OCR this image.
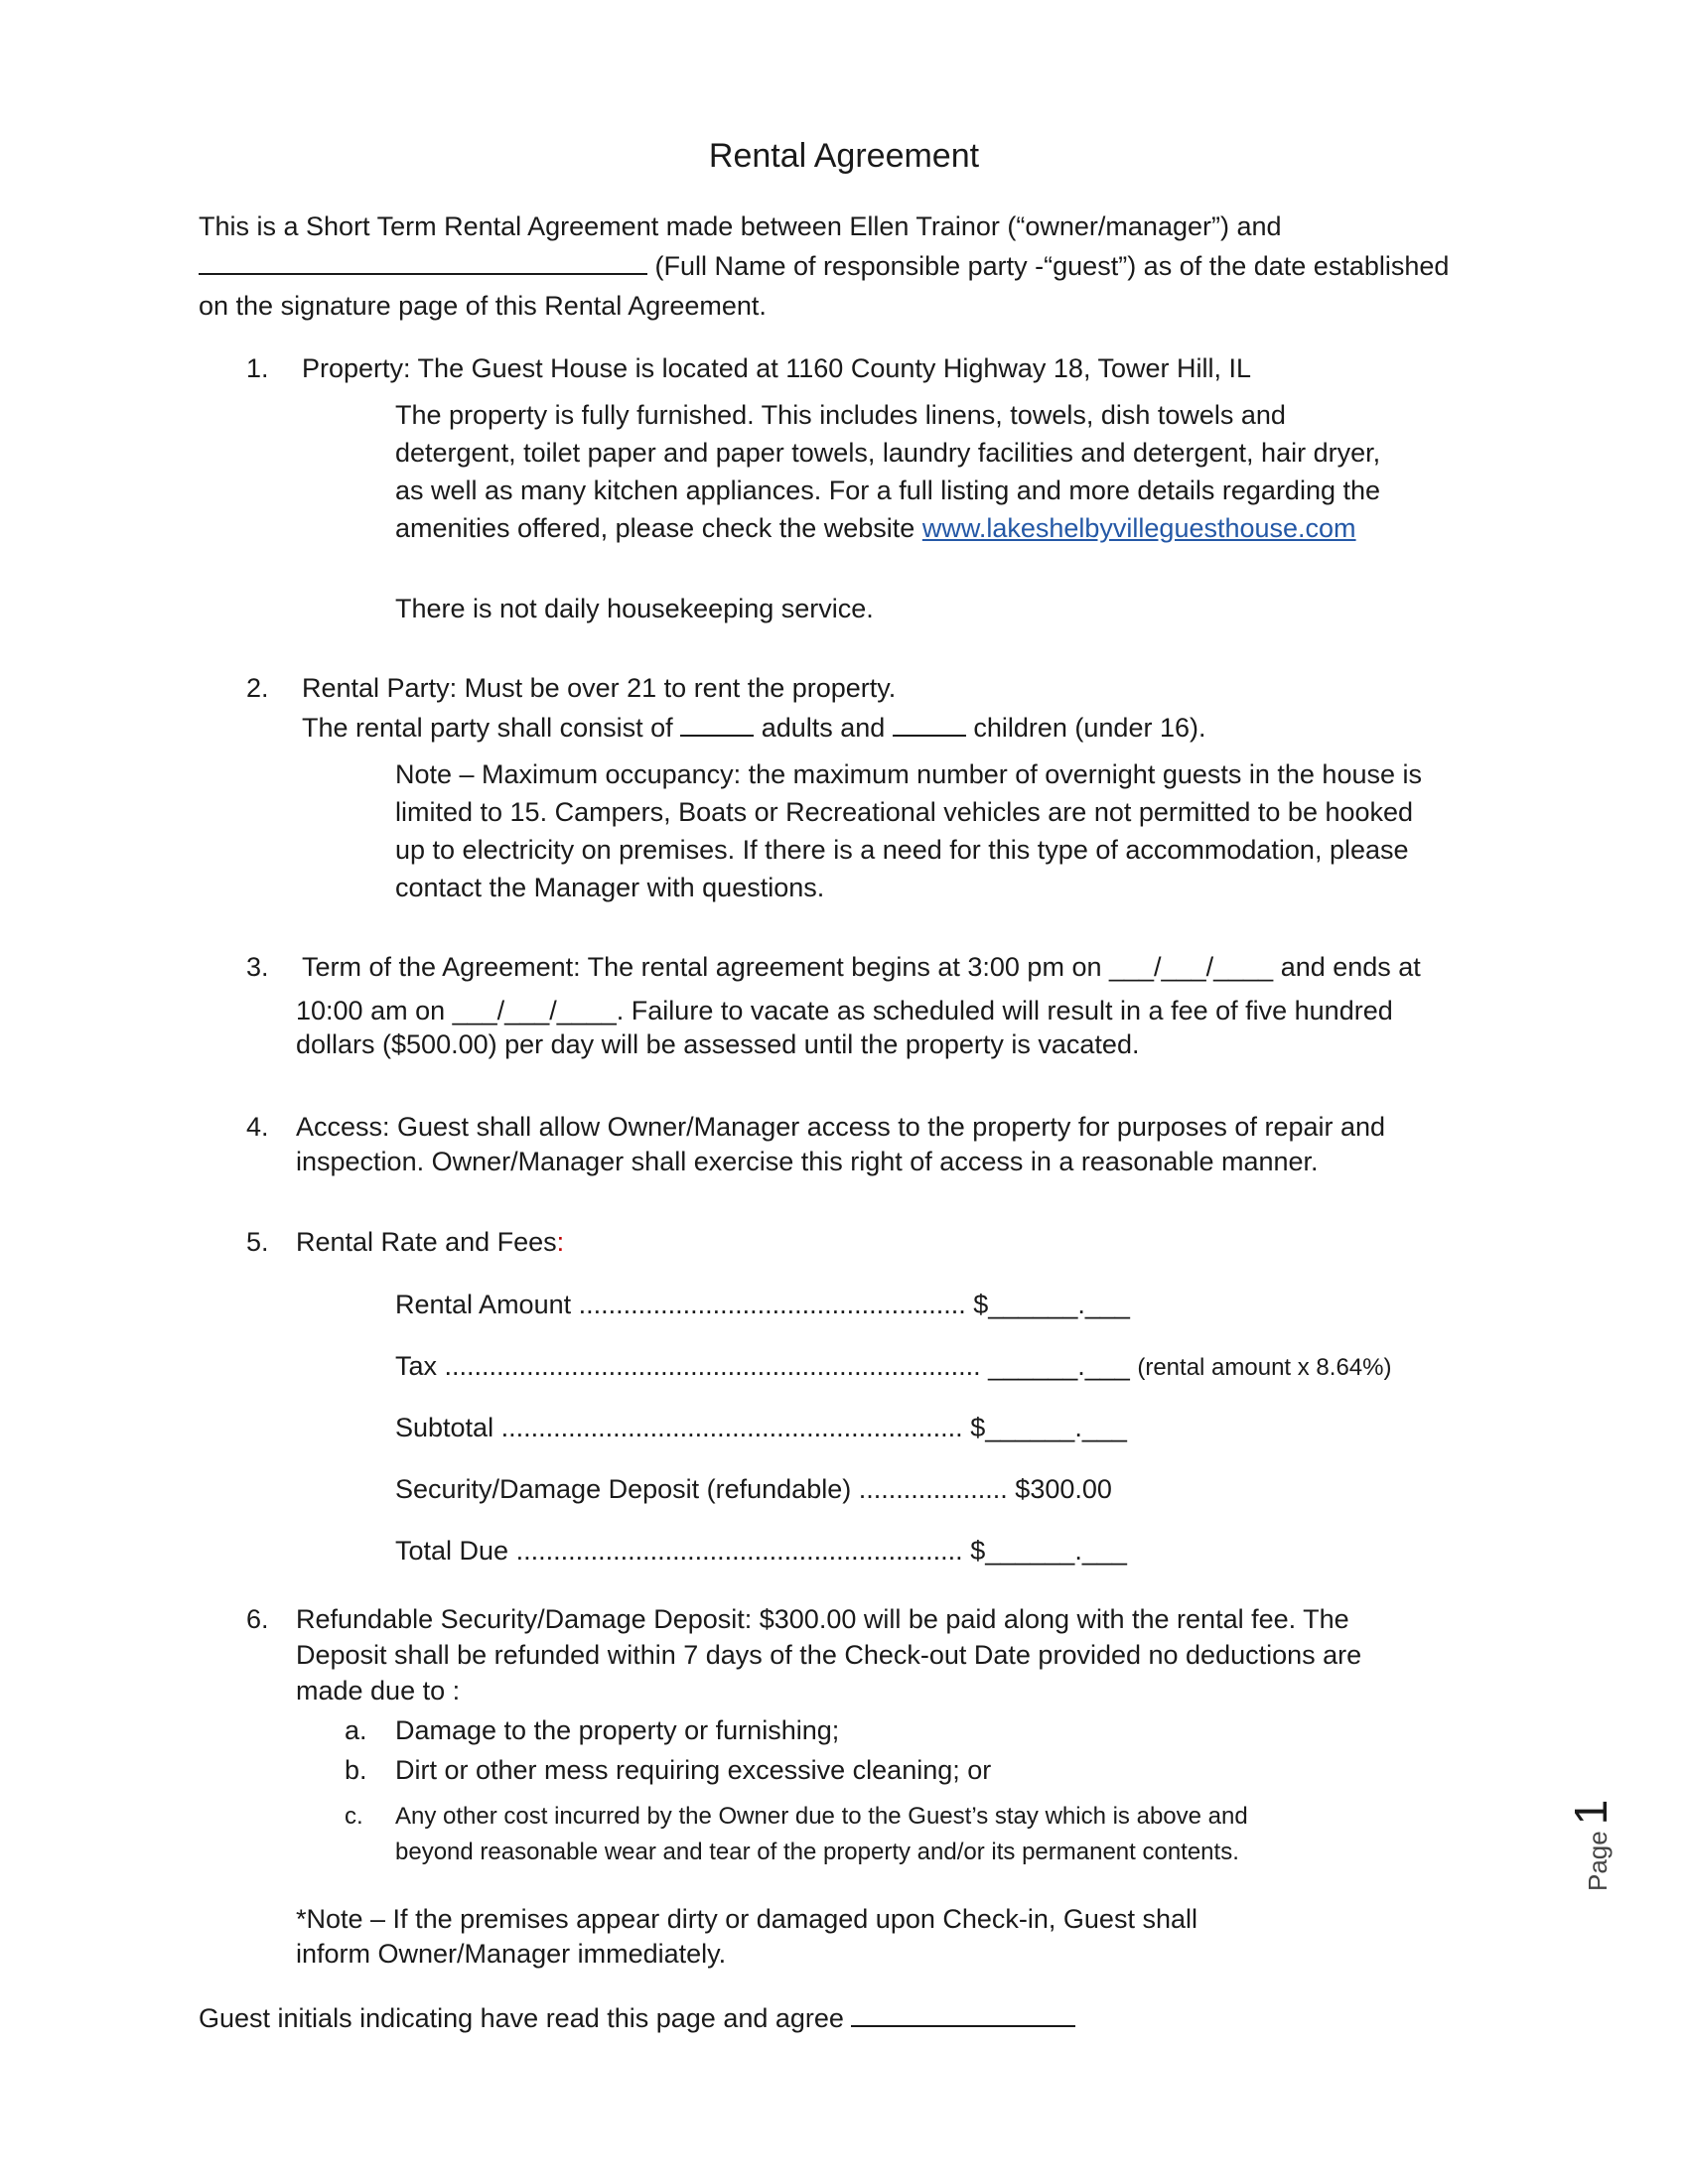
Rental Agreement
This is a Short Term Rental Agreement made between Ellen Trainor (“owner/manager”) and
(Full Name of responsible party -“guest”) as of the date established
on the signature page of this Rental Agreement.
1. Property: The Guest House is located at 1160 County Highway 18, Tower Hill, IL
The property is fully furnished. This includes linens, towels, dish towels and
detergent, toilet paper and paper towels, laundry facilities and detergent, hair dryer,
as well as many kitchen appliances. For a full listing and more details regarding the
amenities offered, please check the website www.lakeshelbyvilleguesthouse.com
There is not daily housekeeping service.
2. Rental Party: Must be over 21 to rent the property.
The rental party shall consist of	adults and	children (under 16).
Note – Maximum occupancy: the maximum number of overnight guests in the house is
limited to 15. Campers, Boats or Recreational vehicles are not permitted to be hooked
up to electricity on premises. If there is a need for this type of accommodation, please
contact the Manager with questions.
3. Term of the Agreement: The rental agreement begins at 3:00 pm on ___/___/____ and ends at
10:00 am on ___/___/____. Failure to vacate as scheduled will result in a fee of five hundred
dollars ($500.00) per day will be assessed until the property is vacated.
4. Access: Guest shall allow Owner/Manager access to the property for purposes of repair and
inspection. Owner/Manager shall exercise this right of access in a reasonable manner.
5. Rental Rate and Fees:
Rental Amount .................................................... $______.___
Tax ........................................................................ ______.___ (rental amount x 8.64%)
Subtotal .............................................................. $______.___
Security/Damage Deposit (refundable) .................... $300.00
Total Due ............................................................ $______.___
6. Refundable Security/Damage Deposit: $300.00 will be paid along with the rental fee. The
Deposit shall be refunded within 7 days of the Check-out Date provided no deductions are
made due to :
a. Damage to the property or furnishing;
b. Dirt or other mess requiring excessive cleaning; or
c. Any other cost incurred by the Owner due to the Guest’s stay which is above and
beyond reasonable wear and tear of the property and/or its permanent contents.
*Note – If the premises appear dirty or damaged upon Check-in, Guest shall
inform Owner/Manager immediately.
Guest initials indicating have read this page and agree
Page1
